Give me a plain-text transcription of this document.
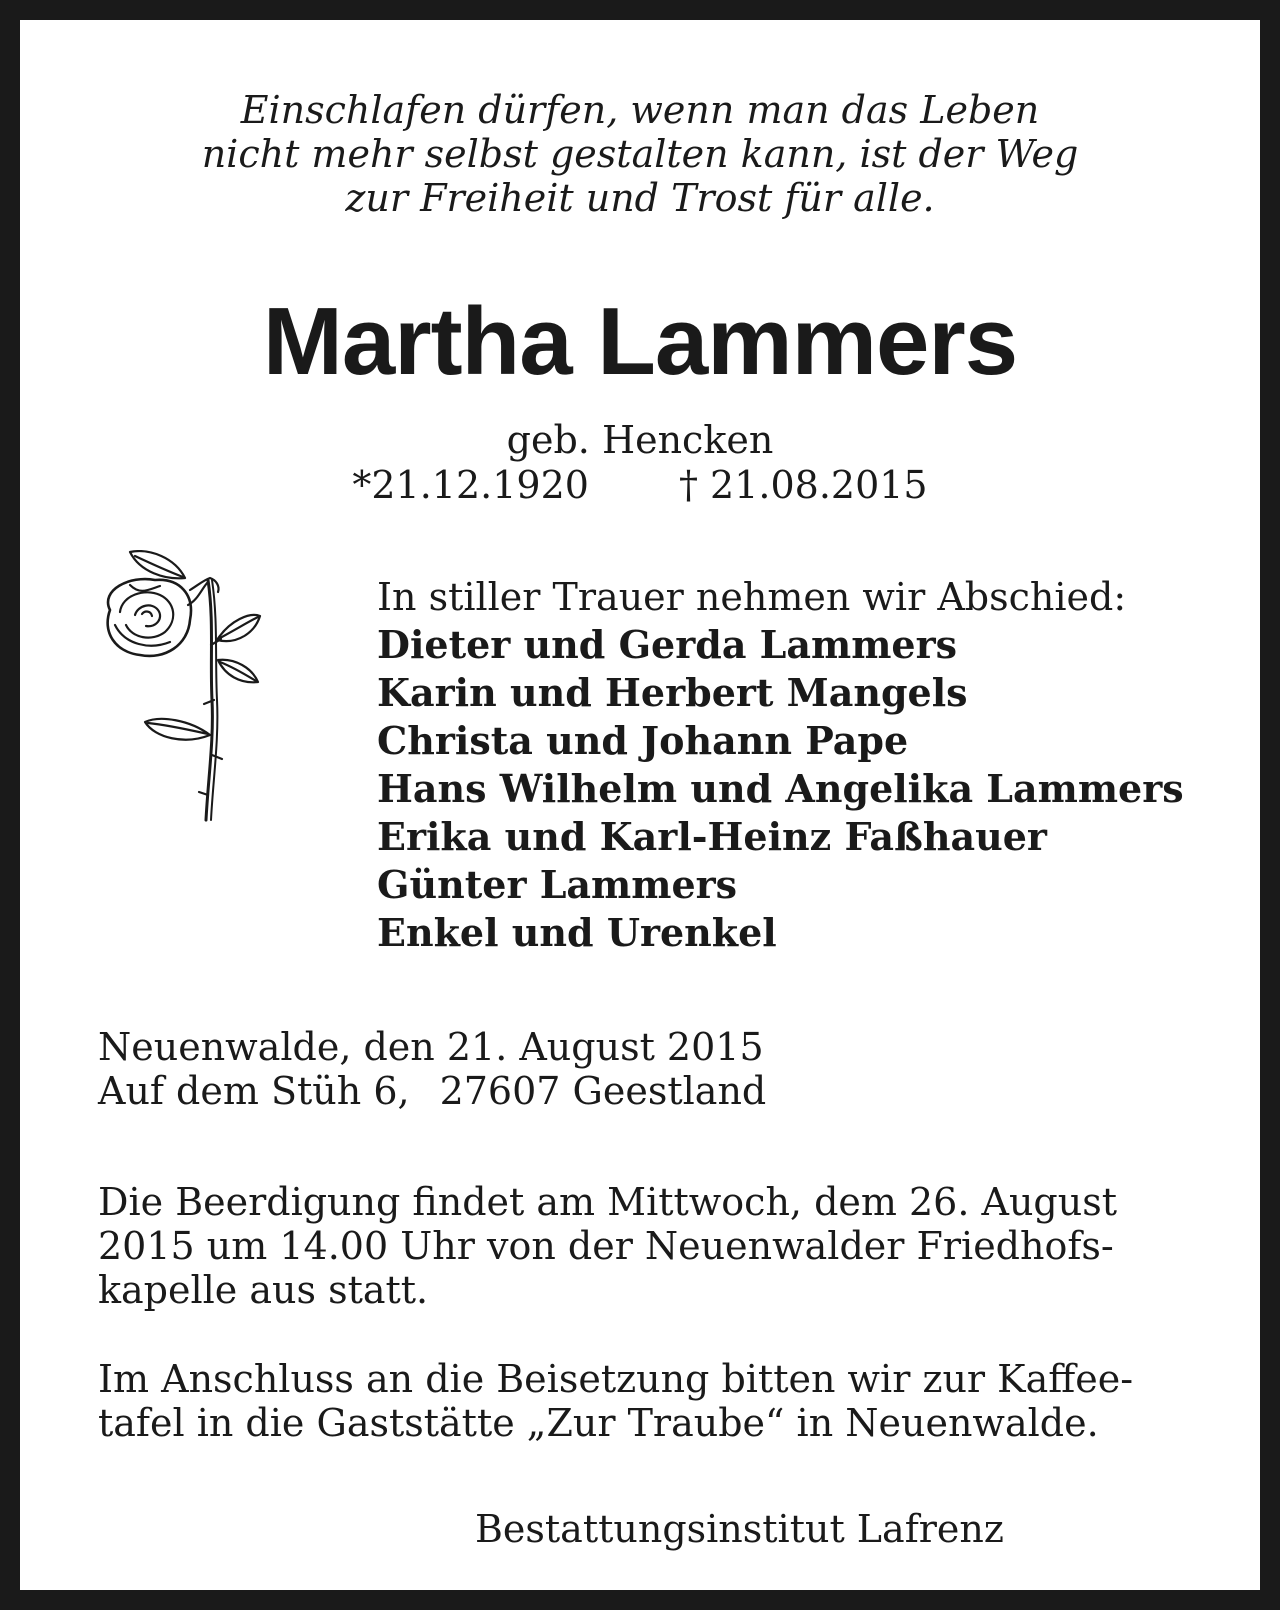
Einschlafen dürfen, wenn man das Leben
nicht mehr selbst gestalten kann, ist der Weg
zur Freiheit und Trost für alle.
Martha Lammers
geb. Hencken
*21.12.1920 † 21.08.2015
In stiller Trauer nehmen wir Abschied:
Dieter und Gerda Lammers
Karin und Herbert Mangels
Christa und Johann Pape
Hans Wilhelm und Angelika Lammers
Erika und Karl-Heinz Faßhauer
Günter Lammers
Enkel und Urenkel
Neuenwalde, den 21. August 2015
Auf dem Stüh 6, 27607 Geestland
Die Beerdigung findet am Mittwoch, dem 26. August
2015 um 14.00 Uhr von der Neuenwalder Friedhofs-
kapelle aus statt.
Im Anschluss an die Beisetzung bitten wir zur Kaffee-
tafel in die Gaststätte „Zur Traube“ in Neuenwalde.
Bestattungsinstitut Lafrenz
